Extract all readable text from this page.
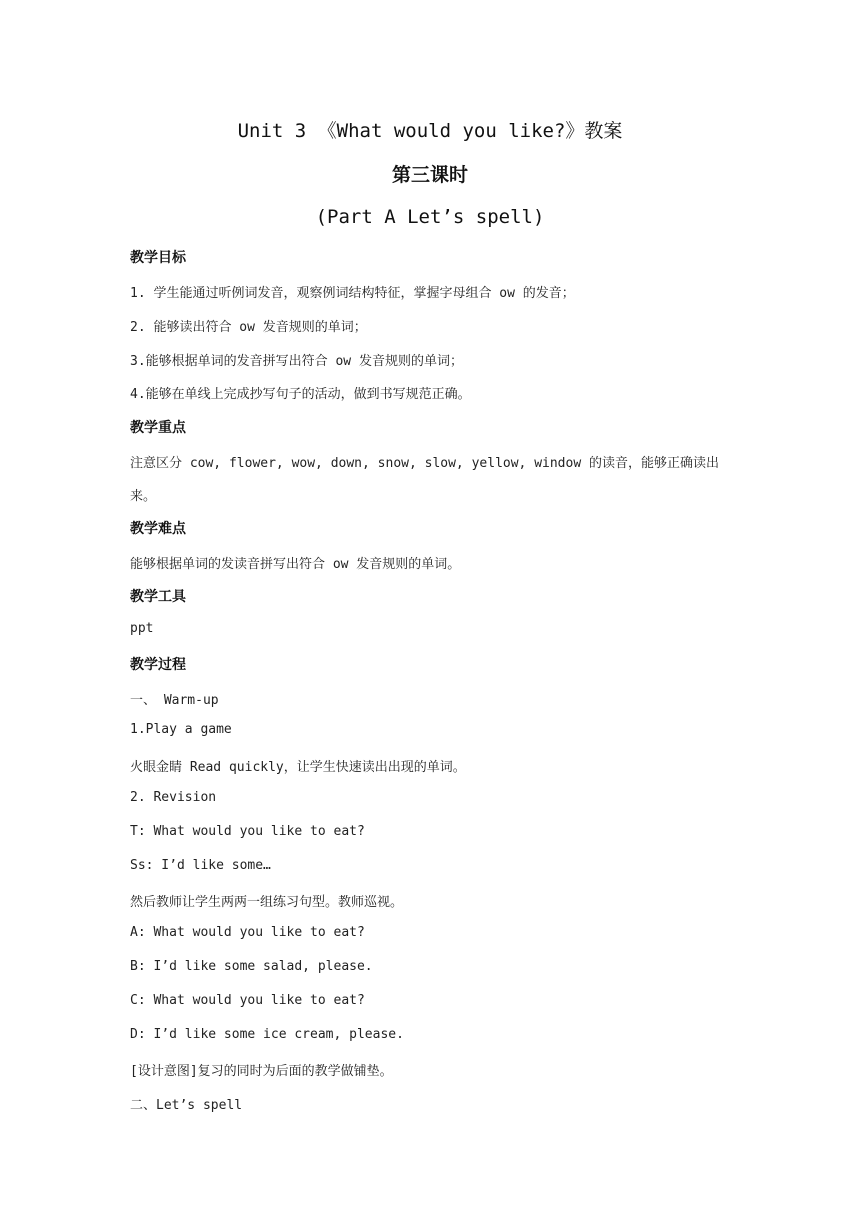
Unit 3 《What would you like?》教案
第三课时
(Part A Let’s spell)
教学目标
1. 学生能通过听例词发音，观察例词结构特征，掌握字母组合 ow 的发音；
2. 能够读出符合 ow 发音规则的单词；
3.能够根据单词的发音拼写出符合 ow 发音规则的单词；
4.能够在单线上完成抄写句子的活动，做到书写规范正确。
教学重点
注意区分 cow, flower, wow, down, snow, slow, yellow, window 的读音，能够正确读出
来。
教学难点
能够根据单词的发读音拼写出符合 ow 发音规则的单词。
教学工具
ppt
教学过程
一、 Warm-up
1.Play a game
火眼金睛 Read quickly，让学生快速读出出现的单词。
2. Revision
T: What would you like to eat?
Ss: I’d like some…
然后教师让学生两两一组练习句型。教师巡视。
A: What would you like to eat?
B: I’d like some salad, please.
C: What would you like to eat?
D: I’d like some ice cream, please.
[设计意图]复习的同时为后面的教学做铺垫。
二、Let’s spell
